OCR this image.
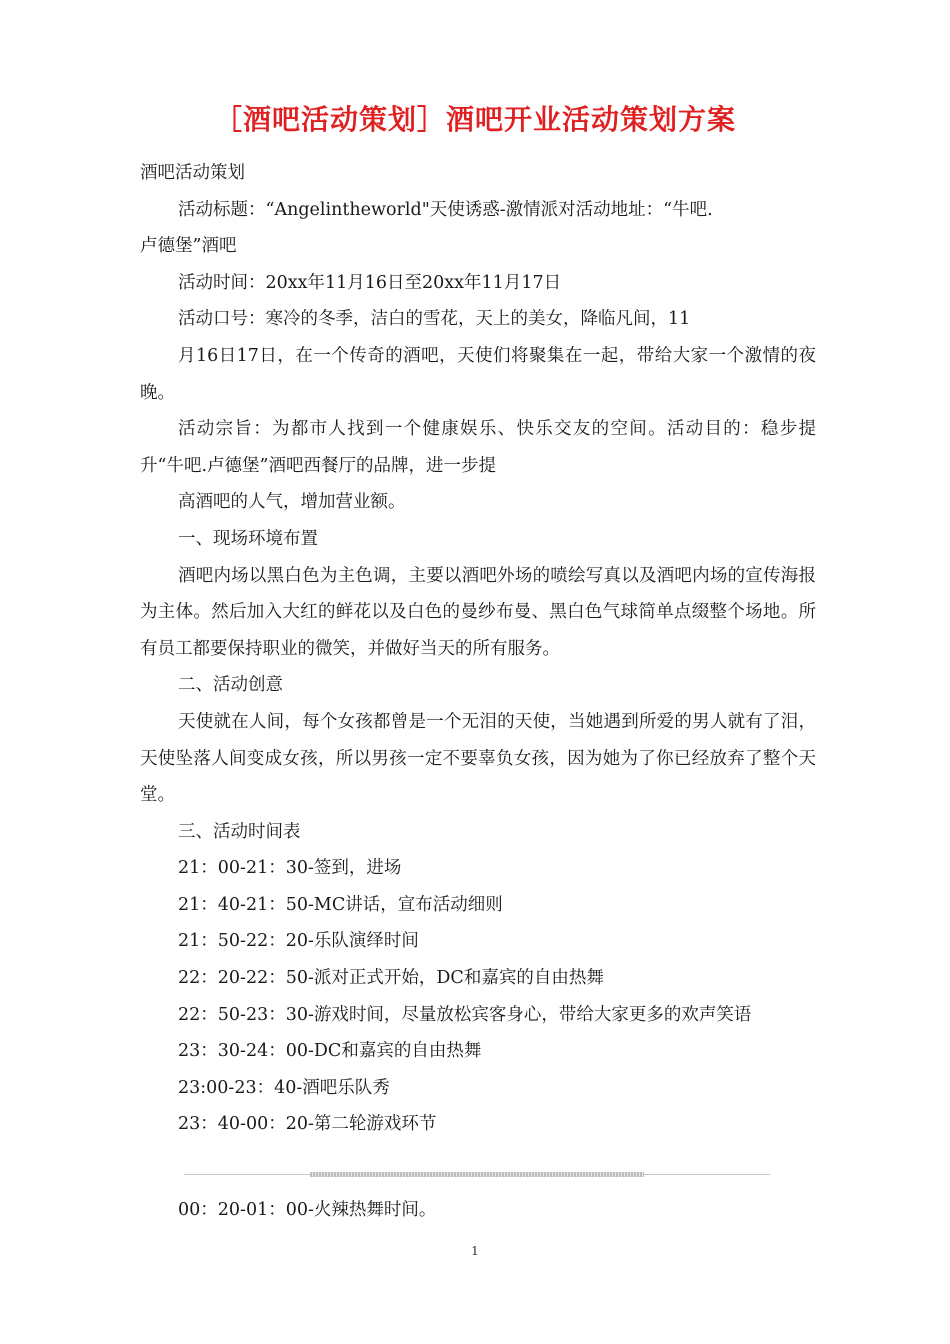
［酒吧活动策划］酒吧开业活动策划方案

酒吧活动策划

活动标题：“Angelintheworld"天使诱惑-激情派对活动地址：“牛吧.

卢德堡”酒吧

活动时间：20xx年11月16日至20xx年11月17日

活动口号：寒冷的冬季，洁白的雪花，天上的美女，降临凡间，11

月16日17日，在一个传奇的酒吧，天使们将聚集在一起，带给大家一个激情的夜晚。

活动宗旨：为都市人找到一个健康娱乐、快乐交友的空间。活动目的：稳步提升“牛吧.卢德堡”酒吧西餐厅的品牌，进一步提

高酒吧的人气，增加营业额。

一、现场环境布置

酒吧内场以黑白色为主色调，主要以酒吧外场的喷绘写真以及酒吧内场的宣传海报为主体。然后加入大红的鲜花以及白色的曼纱布曼、黑白色气球简单点缀整个场地。所有员工都要保持职业的微笑，并做好当天的所有服务。

二、活动创意

天使就在人间，每个女孩都曾是一个无泪的天使，当她遇到所爱的男人就有了泪，天使坠落人间变成女孩，所以男孩一定不要辜负女孩，因为她为了你已经放弃了整个天堂。

三、活动时间表

21：00-21：30-签到，进场

21：40-21：50-MC讲话，宣布活动细则

21：50-22：20-乐队演绎时间

22：20-22：50-派对正式开始，DC和嘉宾的自由热舞

22：50-23：30-游戏时间，尽量放松宾客身心，带给大家更多的欢声笑语

23：30-24：00-DC和嘉宾的自由热舞

23:00-23：40-酒吧乐队秀

23：40-00：20-第二轮游戏环节

00：20-01：00-火辣热舞时间。

1
